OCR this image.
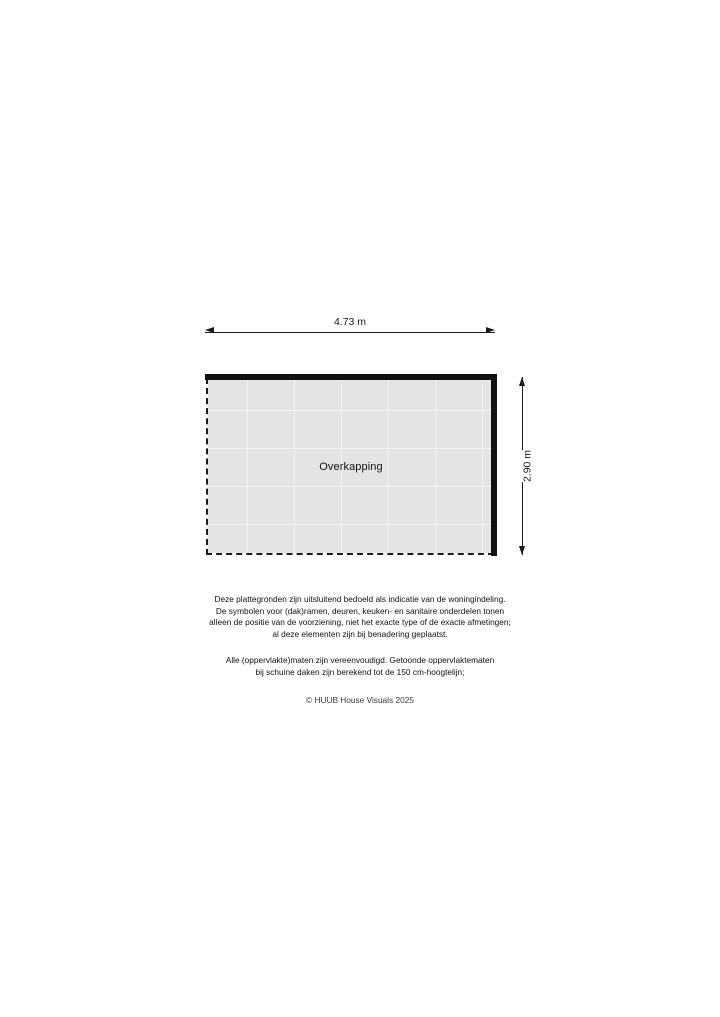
4.73 m
2.90 m
Overkapping

Deze plattegronden zijn uitsluitend bedoeld als indicatie van de woningindeling.
De symbolen voor (dak)ramen, deuren, keuken- en sanitaire onderdelen tonen
alleen de positie van de voorziening, niet het exacte type of de exacte afmetingen;
al deze elementen zijn bij benadering geplaatst.

Alle (oppervlakte)maten zijn vereenvoudigd. Getoonde oppervlaktematen
bij schuine daken zijn berekend tot de 150 cm-hoogtelijn;

© HUUB House Visuals 2025
